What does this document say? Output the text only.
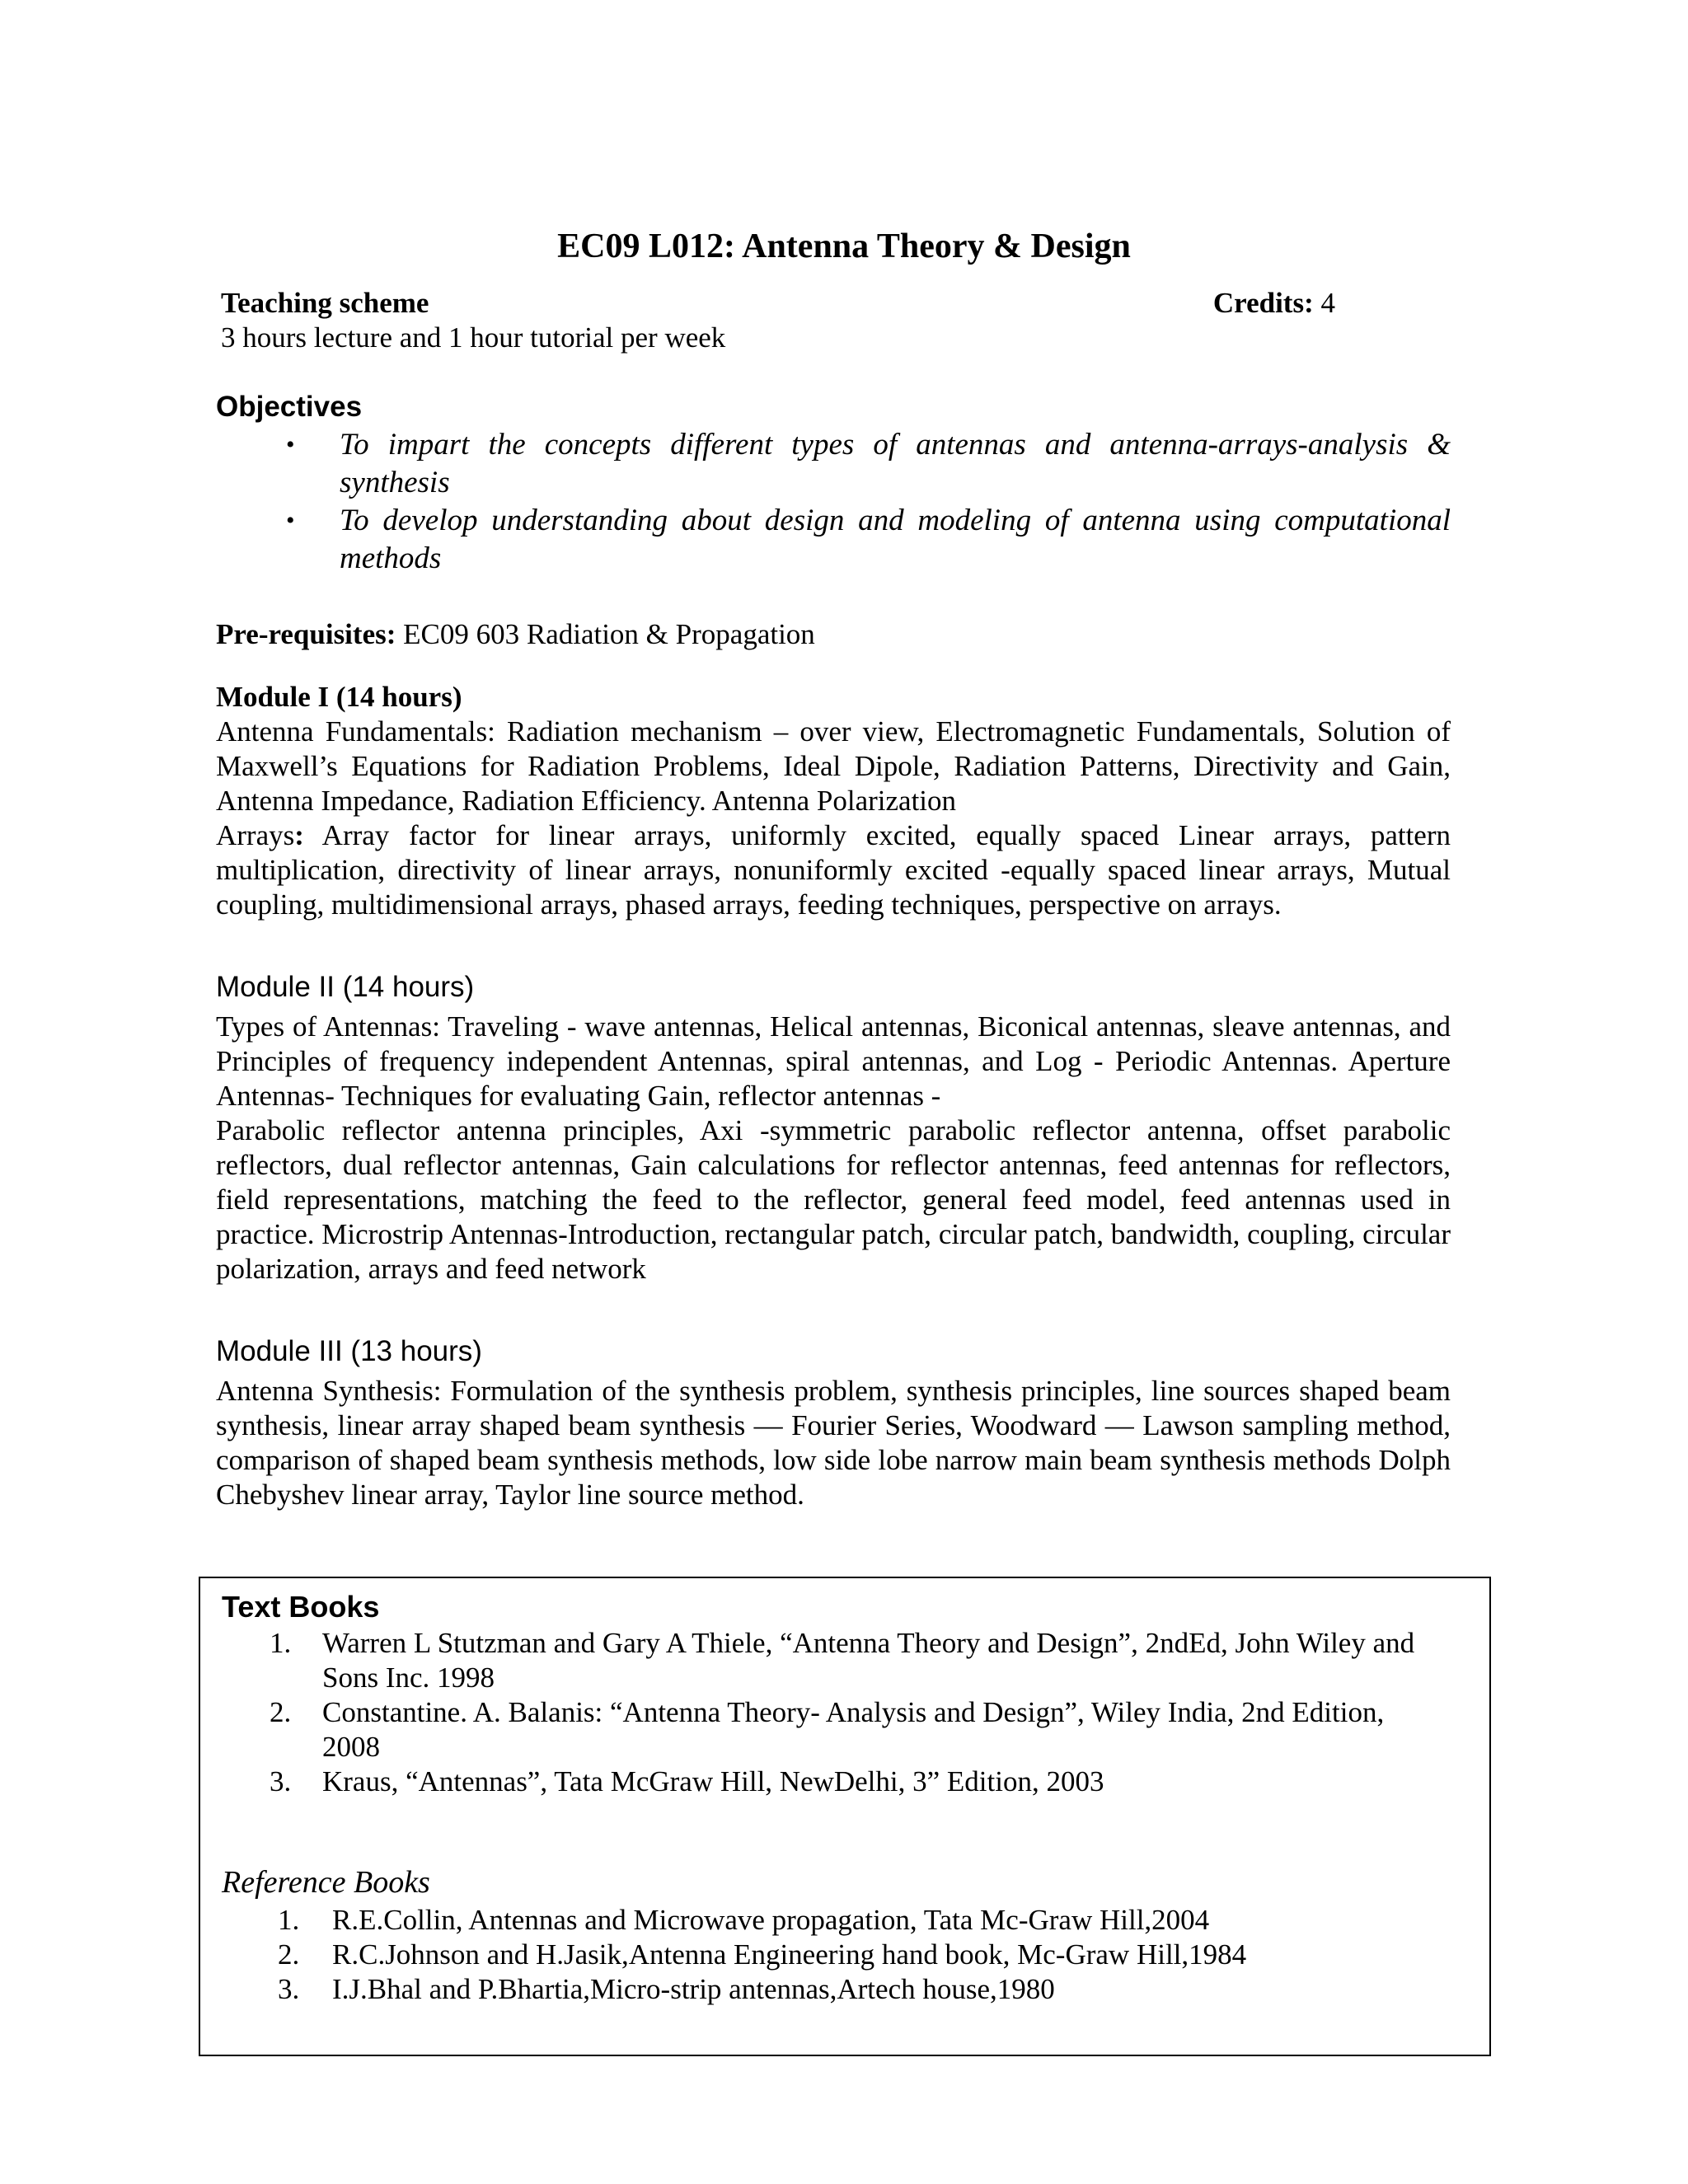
EC09 L012: Antenna Theory & Design
Teaching scheme	Credits: 4
3 hours lecture and 1 hour tutorial per week
Objectives
• To impart the concepts different types of antennas and antenna-arrays-analysis & synthesis
• To develop understanding about design and modeling of antenna using computational methods
Pre-requisites: EC09 603 Radiation & Propagation
Module I (14 hours)

Antenna Fundamentals: Radiation mechanism – over view, Electromagnetic Fundamentals, Solution of Maxwell’s Equations for Radiation Problems, Ideal Dipole, Radiation Patterns, Directivity and Gain, Antenna Impedance, Radiation Efficiency. Antenna Polarization

Arrays: Array factor for linear arrays, uniformly excited, equally spaced Linear arrays, pattern multiplication, directivity of linear arrays, nonuniformly excited -equally spaced linear arrays, Mutual coupling, multidimensional arrays, phased arrays, feeding techniques, perspective on arrays.

Module II (14 hours)

Types of Antennas: Traveling - wave antennas, Helical antennas, Biconical antennas, sleave antennas, and Principles of frequency independent Antennas, spiral antennas, and Log - Periodic Antennas. Aperture Antennas- Techniques for evaluating Gain, reflector antennas -

Parabolic reflector antenna principles, Axi -symmetric parabolic reflector antenna, offset parabolic reflectors, dual reflector antennas, Gain calculations for reflector antennas, feed antennas for reflectors, field representations, matching the feed to the reflector, general feed model, feed antennas used in practice. Microstrip Antennas-Introduction, rectangular patch, circular patch, bandwidth, coupling, circular polarization, arrays and feed network

Module III (13 hours)

Antenna Synthesis: Formulation of the synthesis problem, synthesis principles, line sources shaped beam synthesis, linear array shaped beam synthesis — Fourier Series, Woodward — Lawson sampling method, comparison of shaped beam synthesis methods, low side lobe narrow main beam synthesis methods Dolph Chebyshev linear array, Taylor line source method.

Text Books
1. Warren L Stutzman and Gary A Thiele, “Antenna Theory and Design”, 2ndEd, John Wiley and Sons Inc. 1998
2. Constantine. A. Balanis: “Antenna Theory- Analysis and Design”, Wiley India, 2nd Edition, 2008
3. Kraus, “Antennas”, Tata McGraw Hill, NewDelhi, 3” Edition, 2003
Reference Books
1. R.E.Collin, Antennas and Microwave propagation, Tata Mc-Graw Hill,2004
2. R.C.Johnson and H.Jasik,Antenna Engineering hand book, Mc-Graw Hill,1984
3. I.J.Bhal and P.Bhartia,Micro-strip antennas,Artech house,1980
